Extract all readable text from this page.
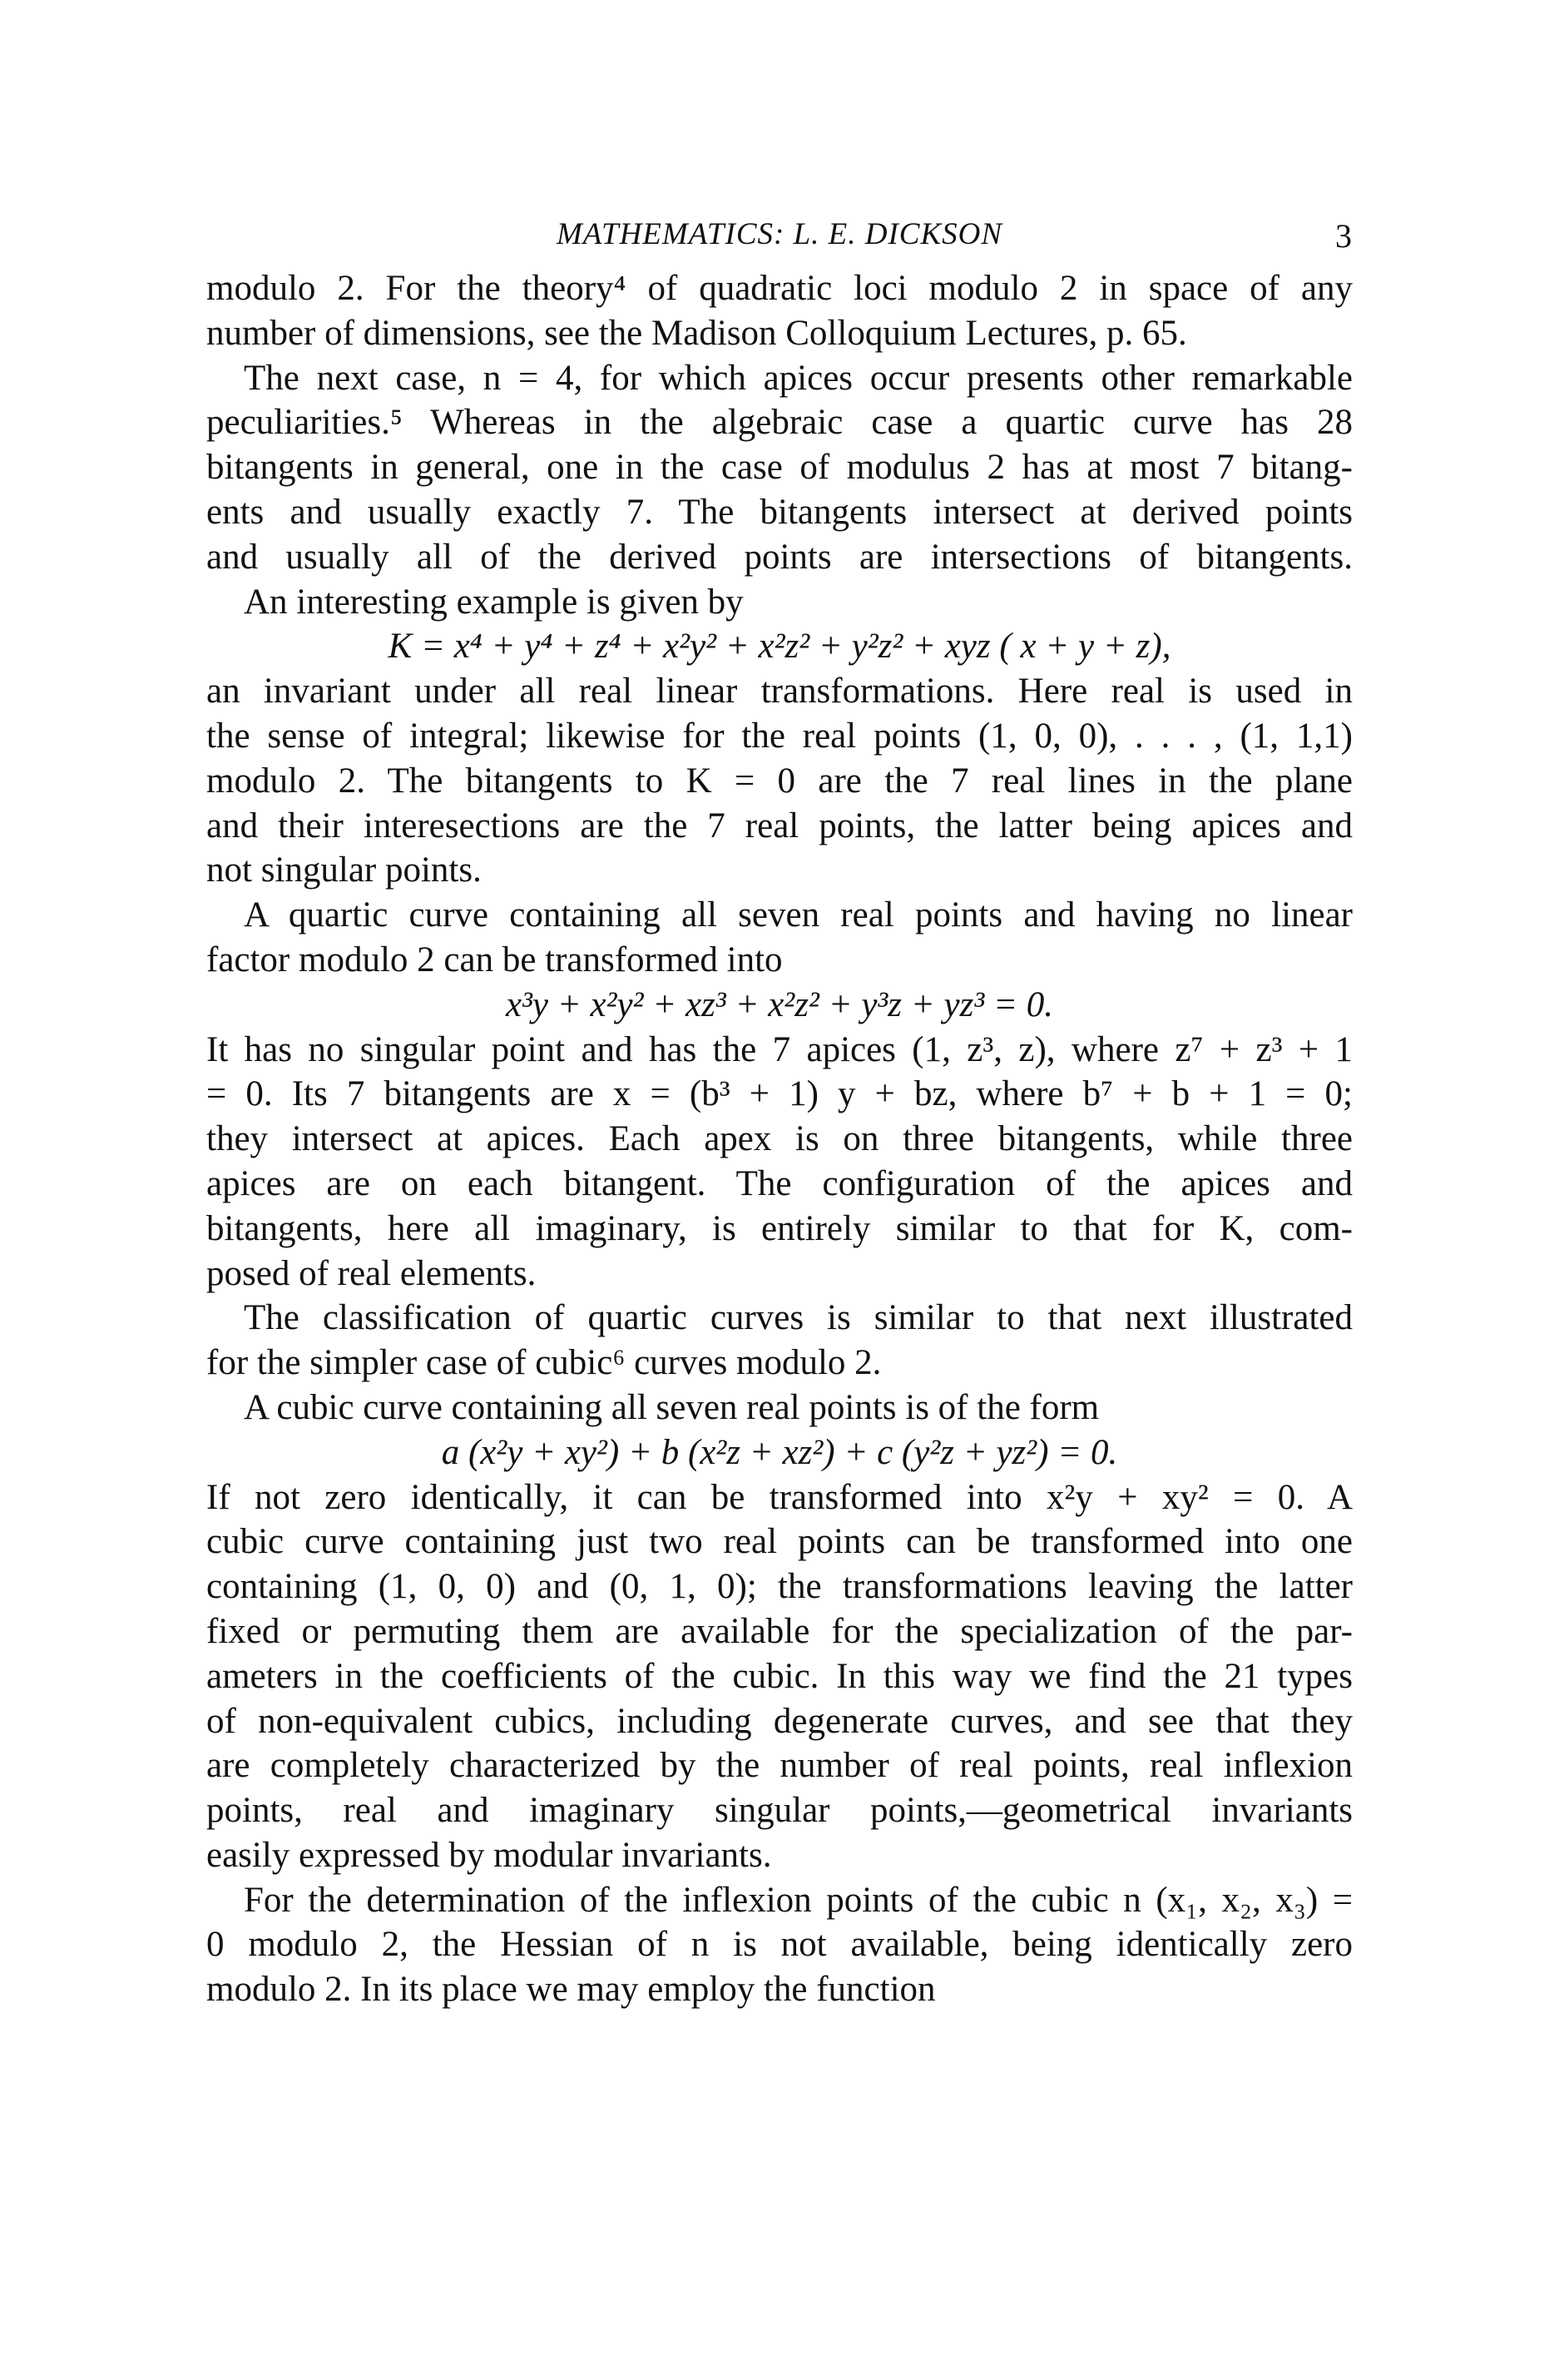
MATHEMATICS: L. E. DICKSON	3
modulo 2. For the theory⁴ of quadratic loci modulo 2 in space of any
number of dimensions, see the Madison Colloquium Lectures, p. 65.
The next case, n = 4, for which apices occur presents other remarkable
peculiarities.⁵ Whereas in the algebraic case a quartic curve has 28
bitangents in general, one in the case of modulus 2 has at most 7 bitang-
ents and usually exactly 7. The bitangents intersect at derived points
and usually all of the derived points are intersections of bitangents.
An interesting example is given by
K = x⁴ + y⁴ + z⁴ + x²y² + x²z² + y²z² + xyz ( x + y + z),
an invariant under all real linear transformations. Here real is used in
the sense of integral; likewise for the real points (1, 0, 0), . . . , (1, 1,1)
modulo 2. The bitangents to K = 0 are the 7 real lines in the plane
and their interesections are the 7 real points, the latter being apices and
not singular points.
A quartic curve containing all seven real points and having no linear
factor modulo 2 can be transformed into
x³y + x²y² + xz³ + x²z² + y³z + yz³ = 0.
It has no singular point and has the 7 apices (1, z³, z), where z⁷ + z³ + 1
= 0. Its 7 bitangents are x = (b³ + 1) y + bz, where b⁷ + b + 1 = 0;
they intersect at apices. Each apex is on three bitangents, while three
apices are on each bitangent. The configuration of the apices and
bitangents, here all imaginary, is entirely similar to that for K, com-
posed of real elements.
The classification of quartic curves is similar to that next illustrated
for the simpler case of cubic⁶ curves modulo 2.
A cubic curve containing all seven real points is of the form
a (x²y + xy²) + b (x²z + xz²) + c (y²z + yz²) = 0.
If not zero identically, it can be transformed into x²y + xy² = 0. A
cubic curve containing just two real points can be transformed into one
containing (1, 0, 0) and (0, 1, 0); the transformations leaving the latter
fixed or permuting them are available for the specialization of the par-
ameters in the coefficients of the cubic. In this way we find the 21 types
of non-equivalent cubics, including degenerate curves, and see that they
are completely characterized by the number of real points, real inflexion
points, real and imaginary singular points,—geometrical invariants
easily expressed by modular invariants.
For the determination of the inflexion points of the cubic n (x₁, x₂, x₃) =
0 modulo 2, the Hessian of n is not available, being identically zero
modulo 2. In its place we may employ the function
